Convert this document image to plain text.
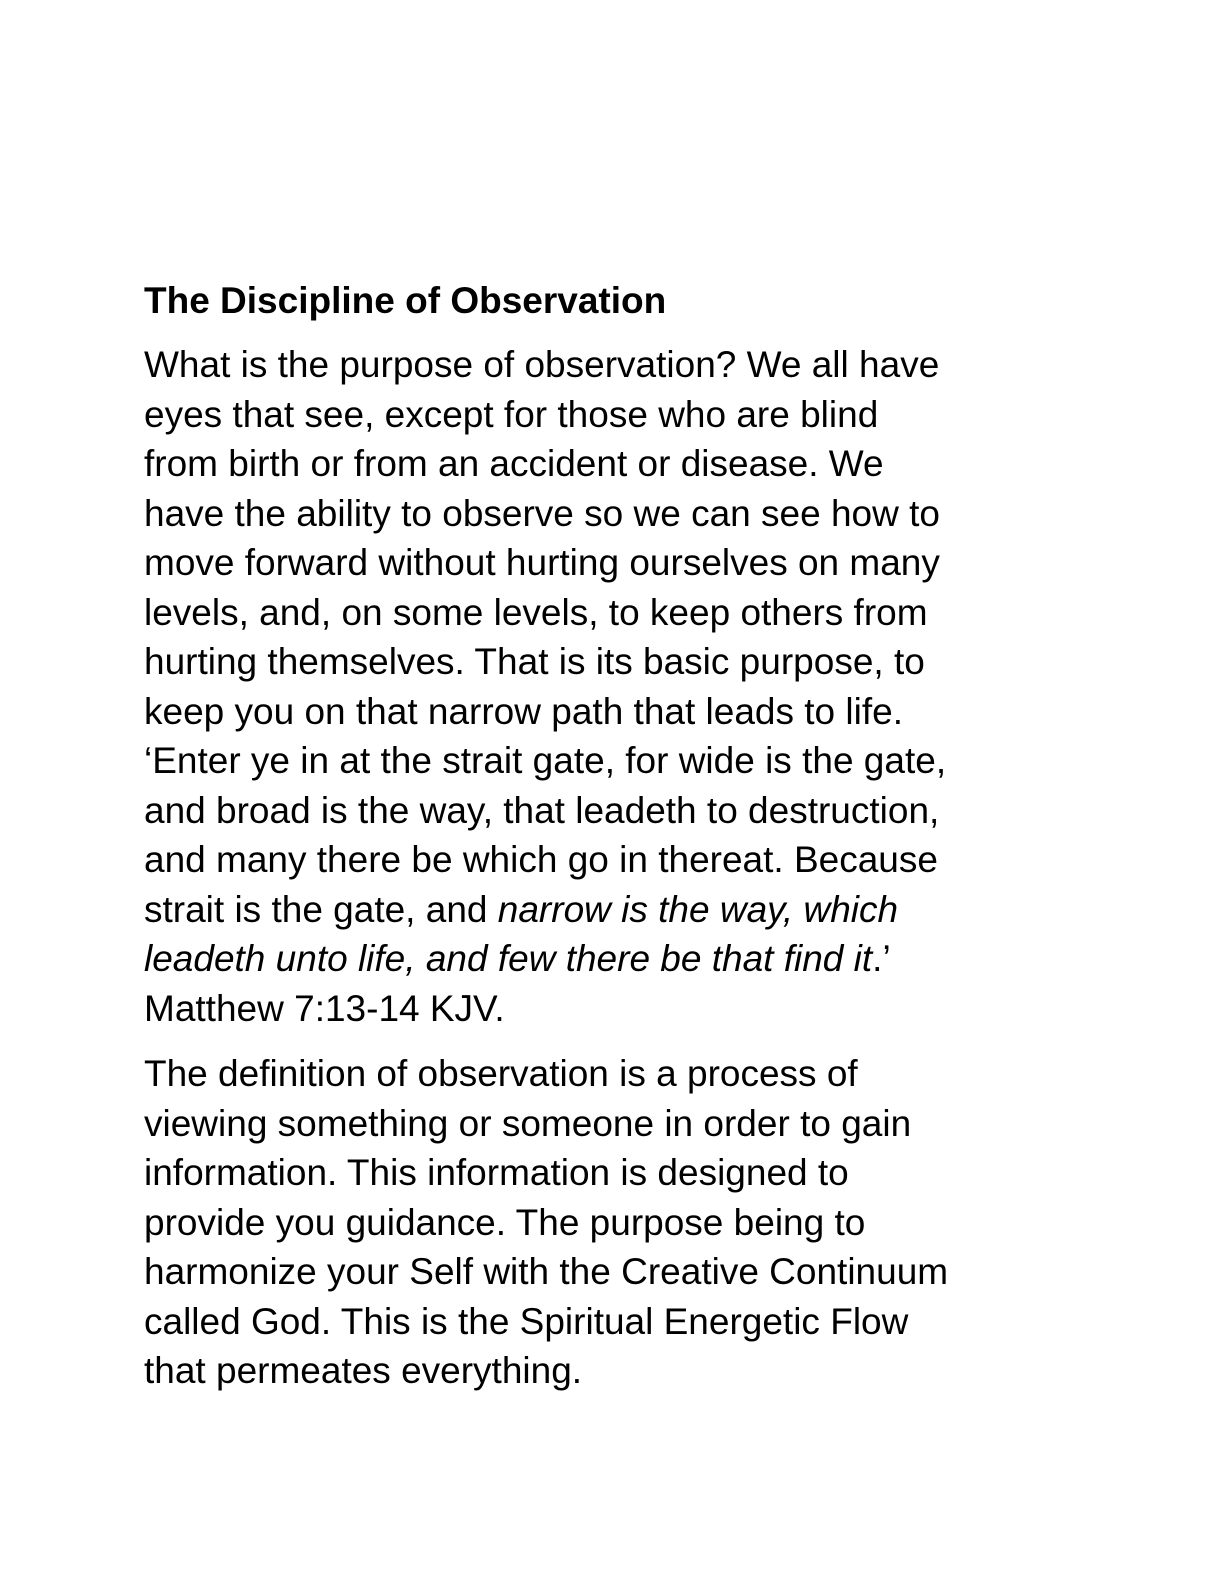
The Discipline of Observation
What is the purpose of observation? We all have
eyes that see, except for those who are blind
from birth or from an accident or disease. We
have the ability to observe so we can see how to
move forward without hurting ourselves on many
levels, and, on some levels, to keep others from
hurting themselves. That is its basic purpose, to
keep you on that narrow path that leads to life.
‘Enter ye in at the strait gate, for wide is the gate,
and broad is the way, that leadeth to destruction,
and many there be which go in thereat. Because
strait is the gate, and narrow is the way, which
leadeth unto life, and few there be that find it.’
Matthew 7:13-14 KJV.
The definition of observation is a process of
viewing something or someone in order to gain
information. This information is designed to
provide you guidance. The purpose being to
harmonize your Self with the Creative Continuum
called God. This is the Spiritual Energetic Flow
that permeates everything.
